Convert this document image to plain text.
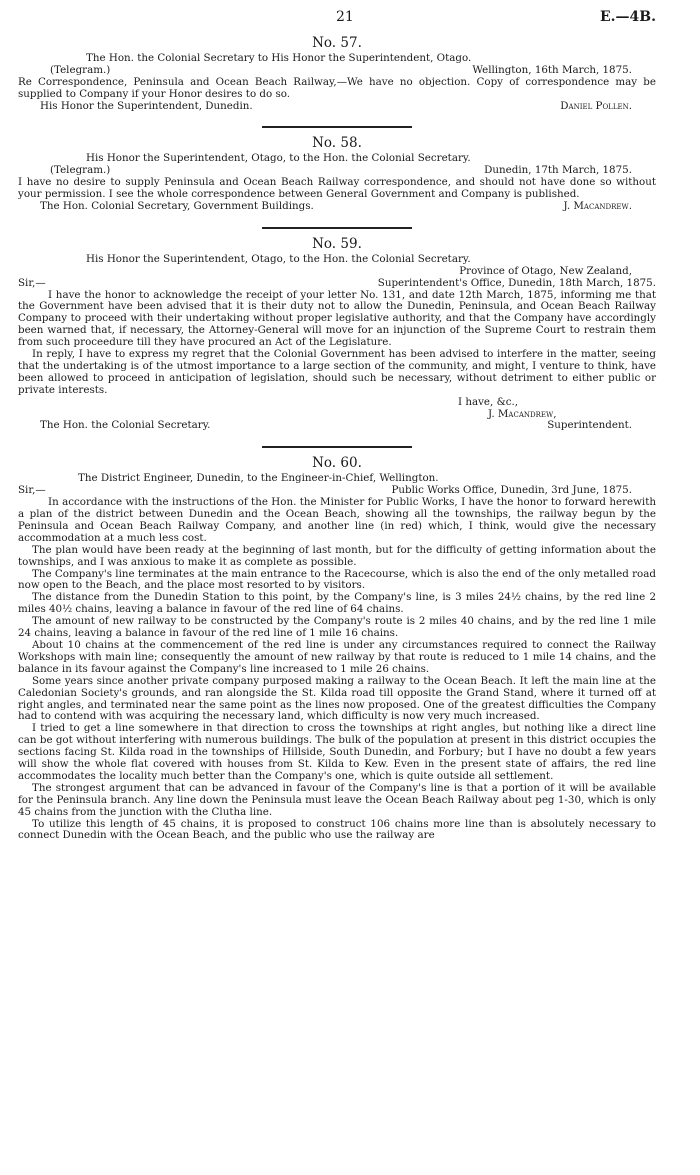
21	E.—4B.
No. 57.
The Hon. the Colonial Secretary to His Honor the Superintendent, Otago.
(Telegram.)	Wellington, 16th March, 1875.

Re Correspondence, Peninsula and Ocean Beach Railway,—We have no objection. Copy of correspondence may be supplied to Company if your Honor desires to do so.

His Honor the Superintendent, Dunedin.	Daniel Pollen.
No. 58.
His Honor the Superintendent, Otago, to the Hon. the Colonial Secretary.
(Telegram.)	Dunedin, 17th March, 1875.

I have no desire to supply Peninsula and Ocean Beach Railway correspondence, and should not have done so without your permission. I see the whole correspondence between General Government and Company is published.

The Hon. Colonial Secretary, Government Buildings.	J. Macandrew.
No. 59.
His Honor the Superintendent, Otago, to the Hon. the Colonial Secretary.
Province of Otago, New Zealand,
Sir,—	Superintendent's Office, Dunedin, 18th March, 1875.

I have the honor to acknowledge the receipt of your letter No. 131, and date 12th March, 1875, informing me that the Government have been advised that it is their duty not to allow the Dunedin, Peninsula, and Ocean Beach Railway Company to proceed with their undertaking without proper legislative authority, and that the Company have accordingly been warned that, if necessary, the Attorney-General will move for an injunction of the Supreme Court to restrain them from such proceedure till they have procured an Act of the Legislature.

In reply, I have to express my regret that the Colonial Government has been advised to interfere in the matter, seeing that the undertaking is of the utmost importance to a large section of the community, and might, I venture to think, have been allowed to proceed in anticipation of legislation, should such be necessary, without detriment to either public or private interests.

I have, &c.,
J. Macandrew,
The Hon. the Colonial Secretary.	Superintendent.
No. 60.
The District Engineer, Dunedin, to the Engineer-in-Chief, Wellington.
Sir,—	Public Works Office, Dunedin, 3rd June, 1875.

In accordance with the instructions of the Hon. the Minister for Public Works, I have the honor to forward herewith a plan of the district between Dunedin and the Ocean Beach, showing all the townships, the railway begun by the Peninsula and Ocean Beach Railway Company, and another line (in red) which, I think, would give the necessary accommodation at a much less cost.

The plan would have been ready at the beginning of last month, but for the difficulty of getting information about the townships, and I was anxious to make it as complete as possible.

The Company's line terminates at the main entrance to the Racecourse, which is also the end of the only metalled road now open to the Beach, and the place most resorted to by visitors.

The distance from the Dunedin Station to this point, by the Company's line, is 3 miles 24½ chains, by the red line 2 miles 40½ chains, leaving a balance in favour of the red line of 64 chains.

The amount of new railway to be constructed by the Company's route is 2 miles 40 chains, and by the red line 1 mile 24 chains, leaving a balance in favour of the red line of 1 mile 16 chains.

About 10 chains at the commencement of the red line is under any circumstances required to connect the Railway Workshops with main line; consequently the amount of new railway by that route is reduced to 1 mile 14 chains, and the balance in its favour against the Company's line increased to 1 mile 26 chains.

Some years since another private company purposed making a railway to the Ocean Beach. It left the main line at the Caledonian Society's grounds, and ran alongside the St. Kilda road till opposite the Grand Stand, where it turned off at right angles, and terminated near the same point as the lines now proposed. One of the greatest difficulties the Company had to contend with was acquiring the necessary land, which difficulty is now very much increased.

I tried to get a line somewhere in that direction to cross the townships at right angles, but nothing like a direct line can be got without interfering with numerous buildings. The bulk of the population at present in this district occupies the sections facing St. Kilda road in the townships of Hillside, South Dunedin, and Forbury; but I have no doubt a few years will show the whole flat covered with houses from St. Kilda to Kew. Even in the present state of affairs, the red line accommodates the locality much better than the Company's one, which is quite outside all settlement.

The strongest argument that can be advanced in favour of the Company's line is that a portion of it will be available for the Peninsula branch. Any line down the Peninsula must leave the Ocean Beach Railway about peg 1-30, which is only 45 chains from the junction with the Clutha line.

To utilize this length of 45 chains, it is proposed to construct 106 chains more line than is absolutely necessary to connect Dunedin with the Ocean Beach, and the public who use the railway are
